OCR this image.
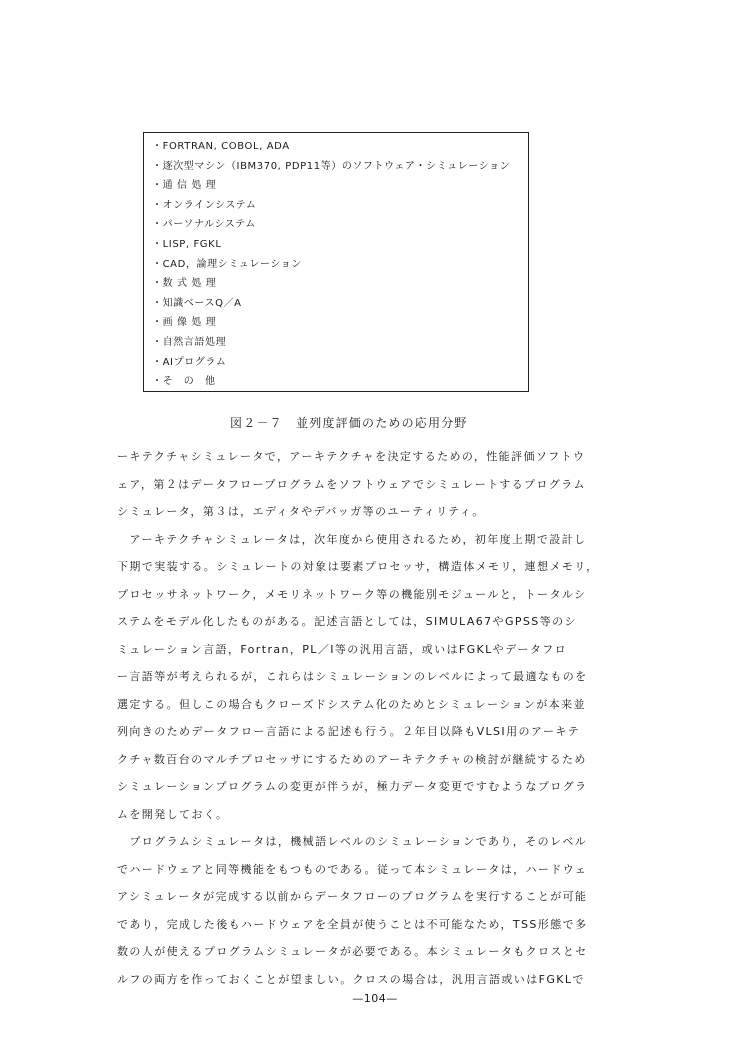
・FORTRAN, COBOL, ADA
・逐次型マシン（IBM370, PDP11等）のソフトウェア・シミュレーション
・通 信 処 理
・オンラインシステム
・パーソナルシステム
・LISP, FGKL
・CAD，論理シミュレーション
・数 式 処 理
・知識ベースQ／A
・画 像 処 理
・自然言語処理
・AIプログラム
・そ　の　他
図２－７　並列度評価のための応用分野
ーキテクチャシミュレータで，アーキテクチャを決定するための，性能評価ソフトウ
ェア，第２はデータフロープログラムをソフトウェアでシミュレートするプログラム
シミュレータ，第３は，エディタやデバッガ等のユーティリティ。
　アーキテクチャシミュレータは，次年度から使用されるため，初年度上期で設計し
下期で実装する。シミュレートの対象は要素プロセッサ，構造体メモリ，連想メモリ，
プロセッサネットワーク，メモリネットワーク等の機能別モジュールと，トータルシ
ステムをモデル化したものがある。記述言語としては，SIMULA67やGPSS等のシ
ミュレーション言語，Fortran，PL／I等の汎用言語，或いはFGKLやデータフロ
ー言語等が考えられるが，これらはシミュレーションのレベルによって最適なものを
選定する。但しこの場合もクローズドシステム化のためとシミュレーションが本来並
列向きのためデータフロー言語による記述も行う。２年目以降もVLSI用のアーキテ
クチャ数百台のマルチプロセッサにするためのアーキテクチャの検討が継続するため
シミュレーションプログラムの変更が伴うが，極力データ変更ですむようなプログラ
ムを開発しておく。
　プログラムシミュレータは，機械語レベルのシミュレーションであり，そのレベル
でハードウェアと同等機能をもつものである。従って本シミュレータは，ハードウェ
アシミュレータが完成する以前からデータフローのプログラムを実行することが可能
であり，完成した後もハードウェアを全員が使うことは不可能なため，TSS形態で多
数の人が使えるプログラムシミュレータが必要である。本シミュレータもクロスとセ
ルフの両方を作っておくことが望ましい。クロスの場合は，汎用言語或いはFGKLで
—104—
